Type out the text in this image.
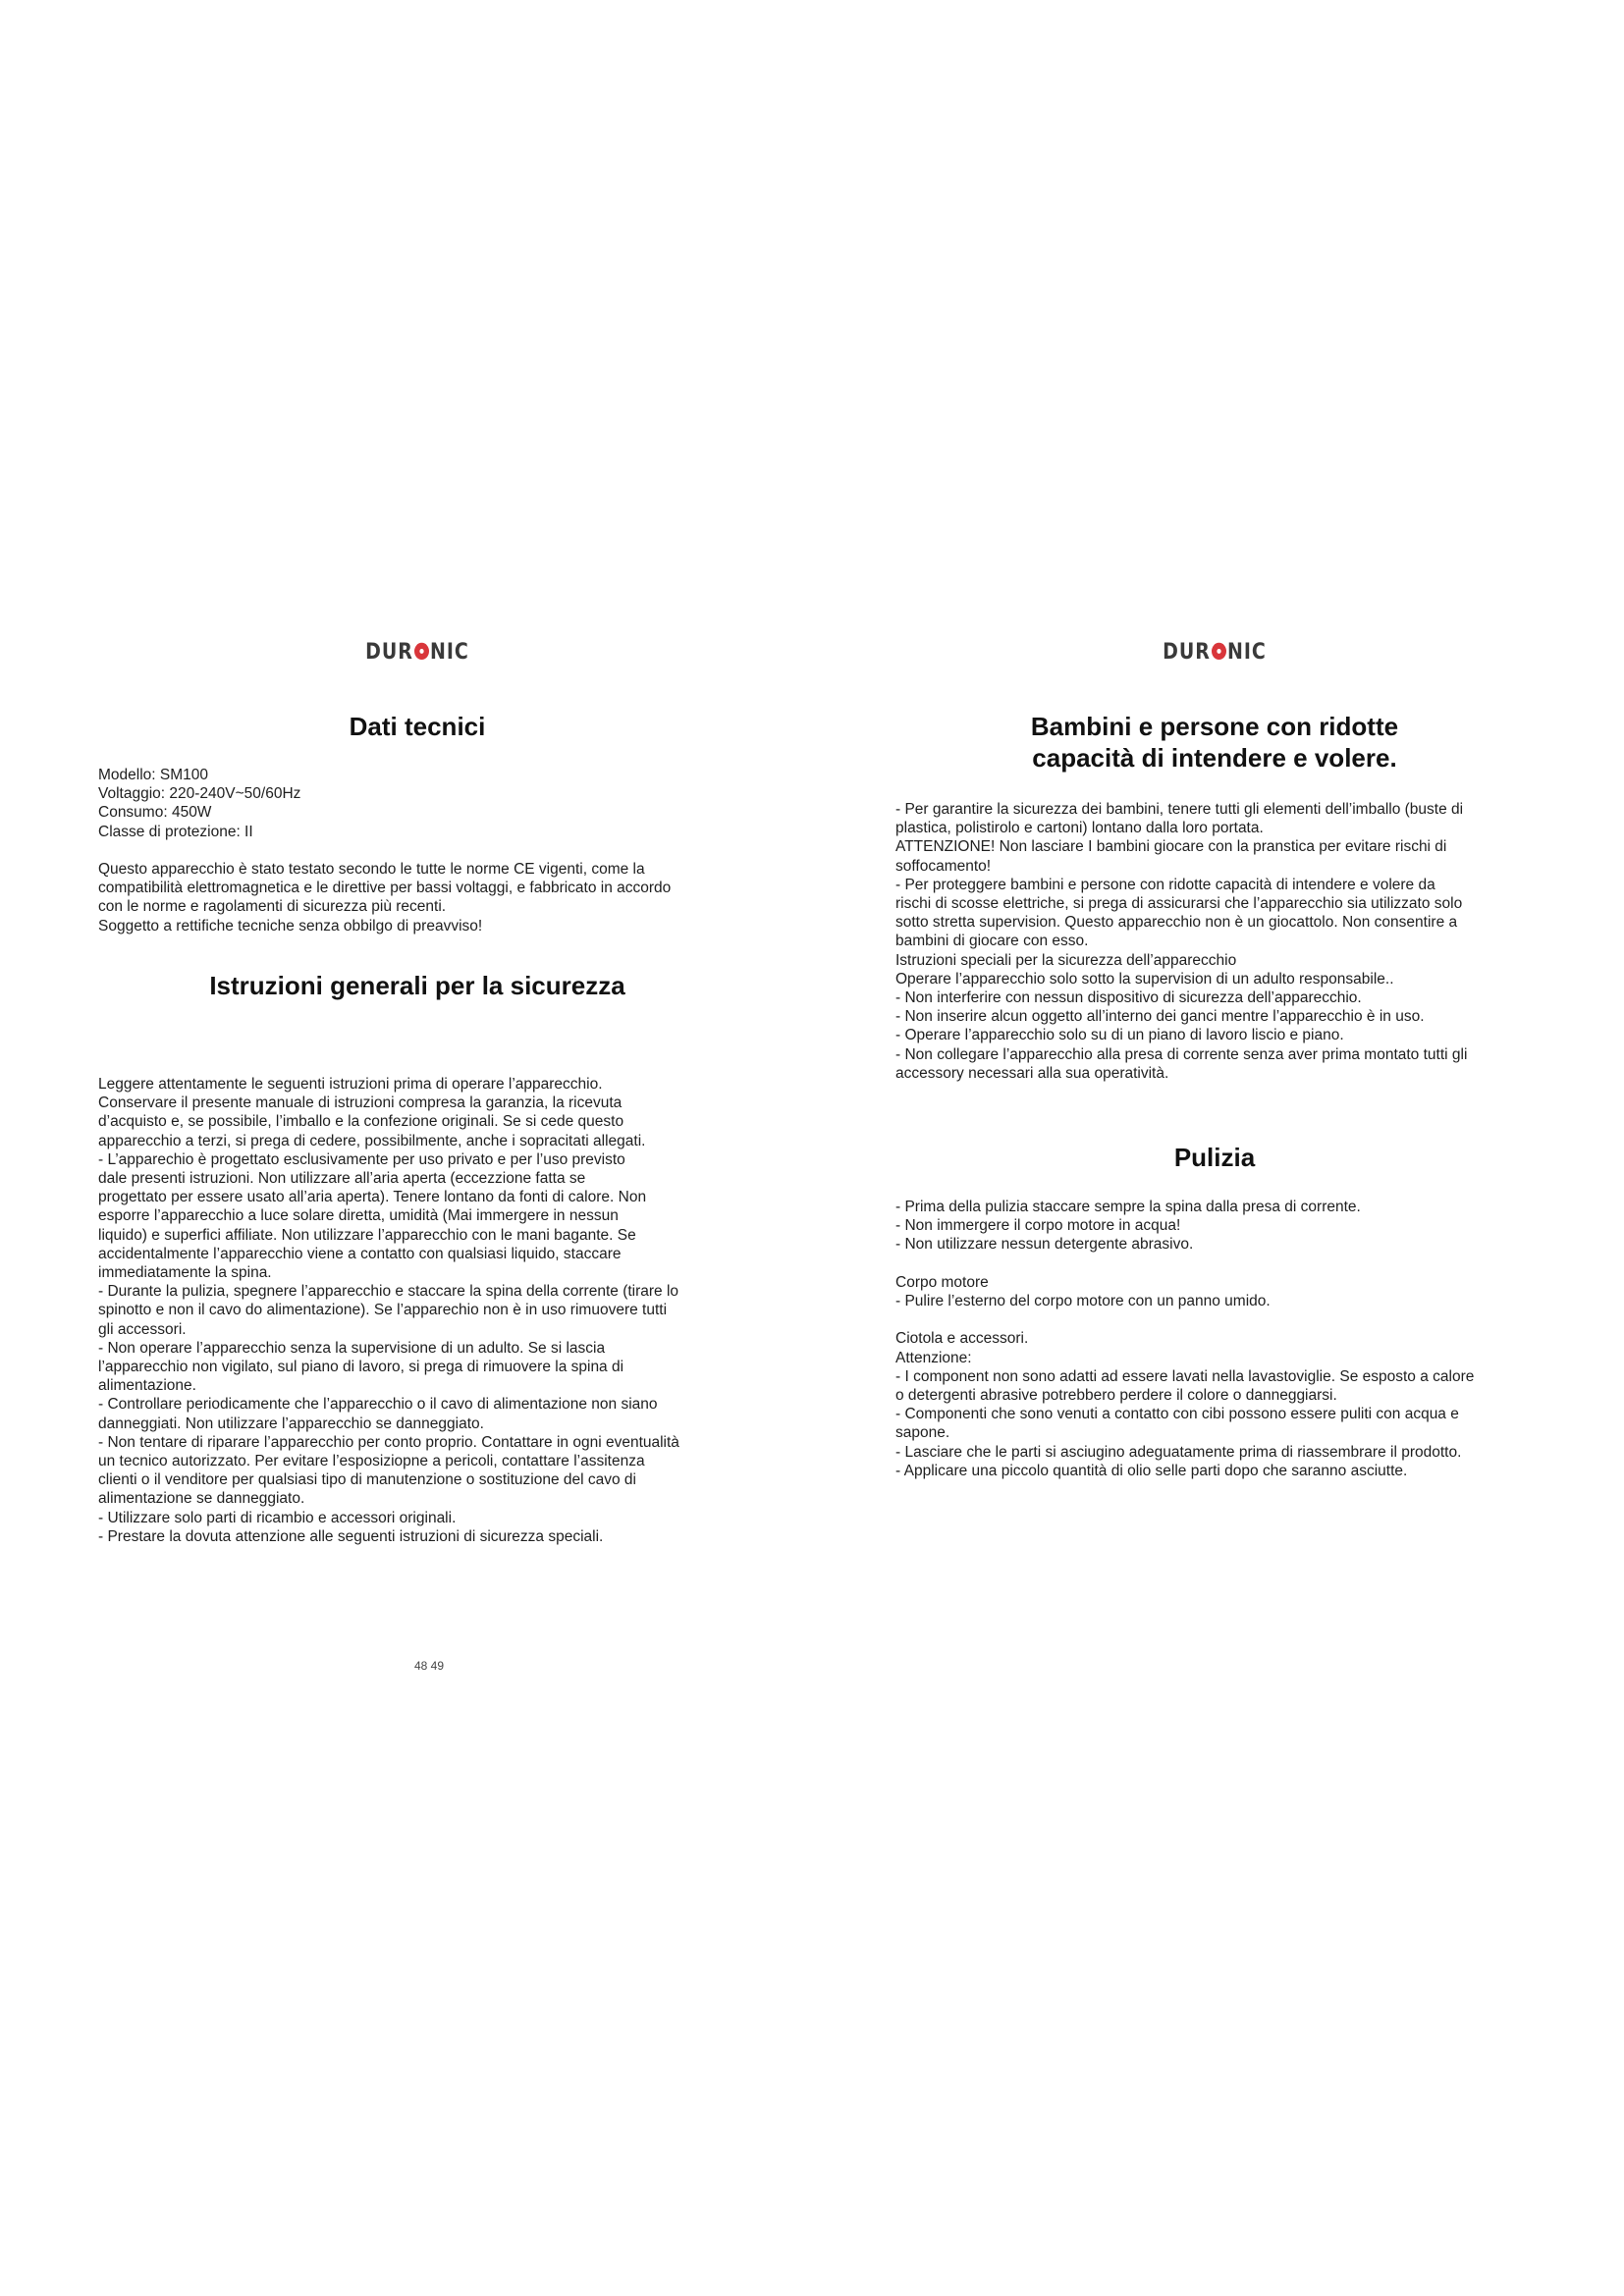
DUR NIC
Dati tecnici

Modello: SM100

Voltaggio: 220-240V~50/60Hz

Consumo: 450W

Classe di protezione: II

Questo apparecchio è stato testato secondo le tutte le norme CE vigenti, come la

compatibilità elettromagnetica e le direttive per bassi voltaggi, e fabbricato in accordo

con le norme e ragolamenti di sicurezza più recenti.

Soggetto a rettifiche tecniche senza obbilgo di preavviso!

Istruzioni generali per la sicurezza

Leggere attentamente le seguenti istruzioni prima di operare l’apparecchio.

Conservare il presente manuale di istruzioni compresa la garanzia, la ricevuta

d’acquisto e, se possibile, l’imballo e la confezione originali. Se si cede questo

apparecchio a terzi, si prega di cedere, possibilmente, anche i sopracitati allegati.

- L’apparechio è progettato esclusivamente per uso privato e per l’uso previsto

dale presenti istruzioni. Non utilizzare all’aria aperta (eccezzione fatta se

progettato per essere usato all’aria aperta). Tenere lontano da fonti di calore. Non

esporre l’apparecchio a luce solare diretta, umidità (Mai immergere in nessun

liquido) e superfici affiliate. Non utilizzare l’apparecchio con le mani bagante. Se

accidentalmente l’apparecchio viene a contatto con qualsiasi liquido, staccare

immediatamente la spina.

- Durante la pulizia, spegnere l’apparecchio e staccare la spina della corrente (tirare lo

spinotto e non il cavo do alimentazione). Se l’apparechio non è in uso rimuovere tutti

gli accessori.

- Non operare l’apparecchio senza la supervisione di un adulto. Se si lascia

l’apparecchio non vigilato, sul piano di lavoro, si prega di rimuovere la spina di

alimentazione.

- Controllare periodicamente che l’apparecchio o il cavo di alimentazione non siano

danneggiati. Non utilizzare l’apparecchio se danneggiato.

- Non tentare di riparare l’apparecchio per conto proprio. Contattare in ogni eventualità

un tecnico autorizzato. Per evitare l’esposiziopne a pericoli, contattare l’assitenza

clienti o il venditore per qualsiasi tipo di manutenzione o sostituzione del cavo di

alimentazione se danneggiato.

- Utilizzare solo parti di ricambio e accessori originali.

- Prestare la dovuta attenzione alle seguenti istruzioni di sicurezza speciali.

48 49
DUR NIC
Bambini e persone con ridotte
capacità di intendere e volere.

- Per garantire la sicurezza dei bambini, tenere tutti gli elementi dell’imballo (buste di

plastica, polistirolo e cartoni) lontano dalla loro portata.

ATTENZIONE! Non lasciare I bambini giocare con la pranstica per evitare rischi di

soffocamento!

- Per proteggere bambini e persone con ridotte capacità di intendere e volere da

rischi di scosse elettriche, si prega di assicurarsi che l’apparecchio sia utilizzato solo

sotto stretta supervision. Questo apparecchio non è un giocattolo. Non consentire a

bambini di giocare con esso.

Istruzioni speciali per la sicurezza dell’apparecchio

Operare l’apparecchio solo sotto la supervision di un adulto responsabile..

- Non interferire con nessun dispositivo di sicurezza dell’apparecchio.

- Non inserire alcun oggetto all’interno dei ganci mentre l’apparecchio è in uso.

- Operare l’apparecchio solo su di un piano di lavoro liscio e piano.

- Non collegare l’apparecchio alla presa di corrente senza aver prima montato tutti gli

accessory necessari alla sua operatività.

Pulizia

- Prima della pulizia staccare sempre la spina dalla presa di corrente.

- Non immergere il corpo motore in acqua!

- Non utilizzare nessun detergente abrasivo.

Corpo motore

- Pulire l’esterno del corpo motore con un panno umido.

Ciotola e accessori.

Attenzione:

- I component non sono adatti ad essere lavati nella lavastoviglie. Se esposto a calore

o detergenti abrasive potrebbero perdere il colore o danneggiarsi.

- Componenti che sono venuti a contatto con cibi possono essere puliti con acqua e

sapone.

- Lasciare che le parti si asciugino adeguatamente prima di riassembrare il prodotto.

- Applicare una piccolo quantità di olio selle parti dopo che saranno asciutte.
